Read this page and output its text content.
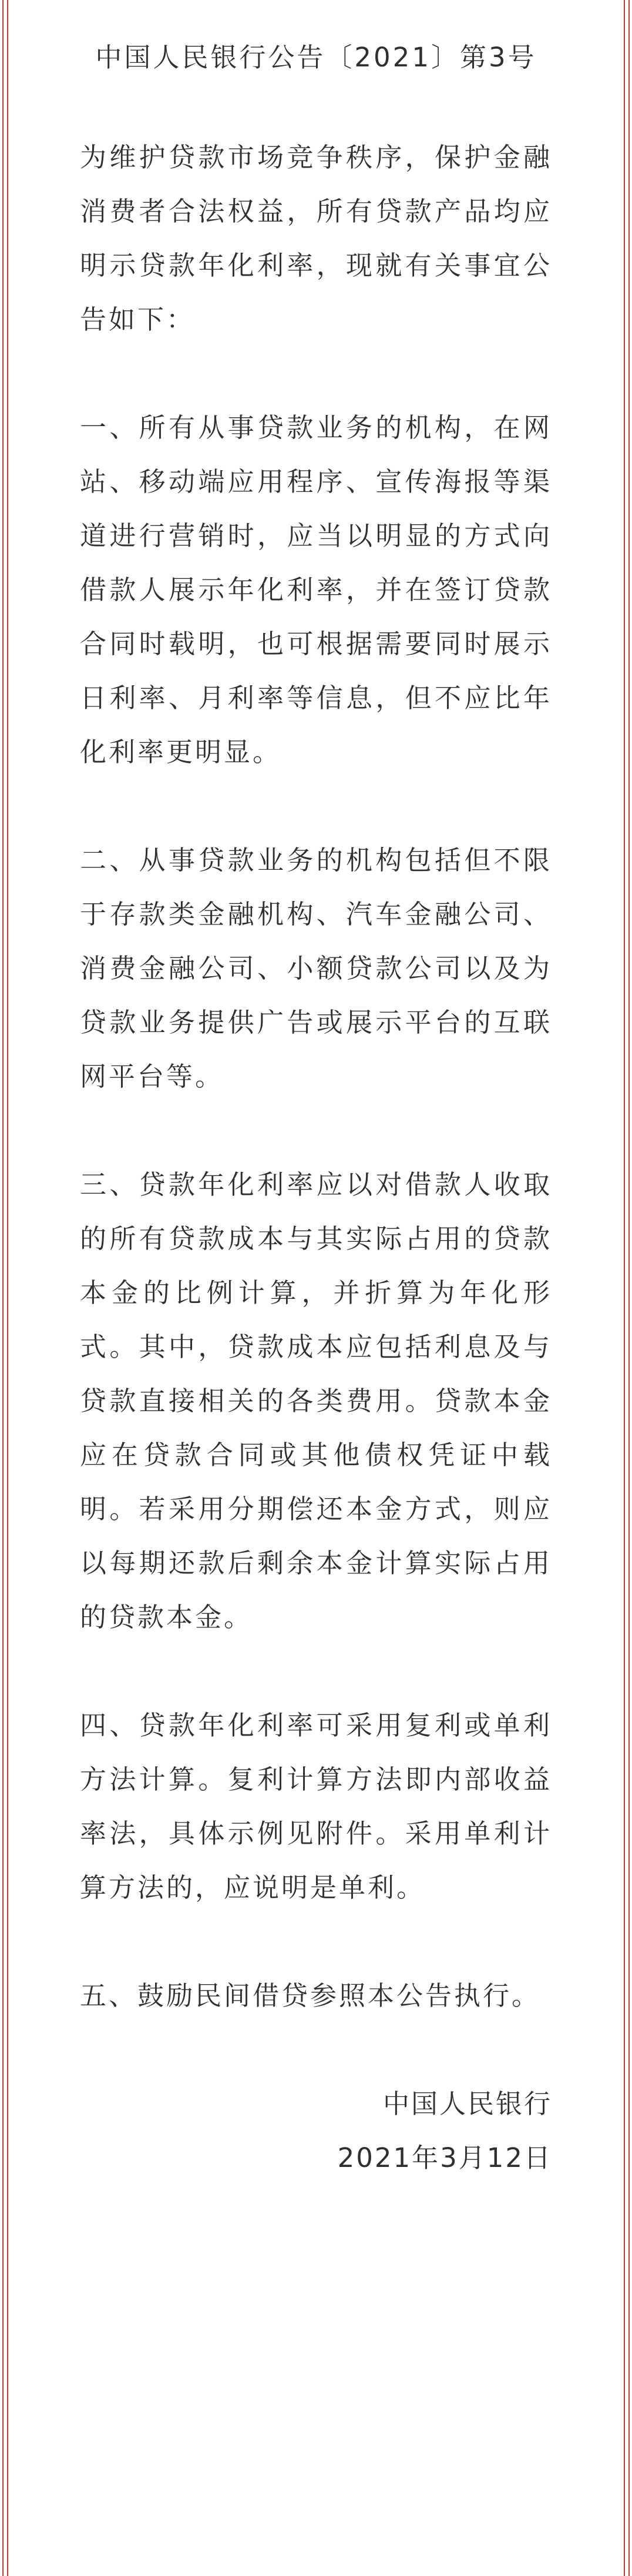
中国人民银行公告〔2021〕第3号

为维护贷款市场竞争秩序，保护金融消费者合法权益，所有贷款产品均应明示贷款年化利率，现就有关事宜公告如下：

一、所有从事贷款业务的机构，在网站、移动端应用程序、宣传海报等渠道进行营销时，应当以明显的方式向借款人展示年化利率，并在签订贷款合同时载明，也可根据需要同时展示日利率、月利率等信息，但不应比年化利率更明显。

二、从事贷款业务的机构包括但不限于存款类金融机构、汽车金融公司、消费金融公司、小额贷款公司以及为贷款业务提供广告或展示平台的互联网平台等。

三、贷款年化利率应以对借款人收取的所有贷款成本与其实际占用的贷款本金的比例计算，并折算为年化形式。其中，贷款成本应包括利息及与贷款直接相关的各类费用。贷款本金应在贷款合同或其他债权凭证中载明。若采用分期偿还本金方式，则应以每期还款后剩余本金计算实际占用的贷款本金。

四、贷款年化利率可采用复利或单利方法计算。复利计算方法即内部收益率法，具体示例见附件。采用单利计算方法的，应说明是单利。

五、鼓励民间借贷参照本公告执行。

中国人民银行

2021年3月12日
